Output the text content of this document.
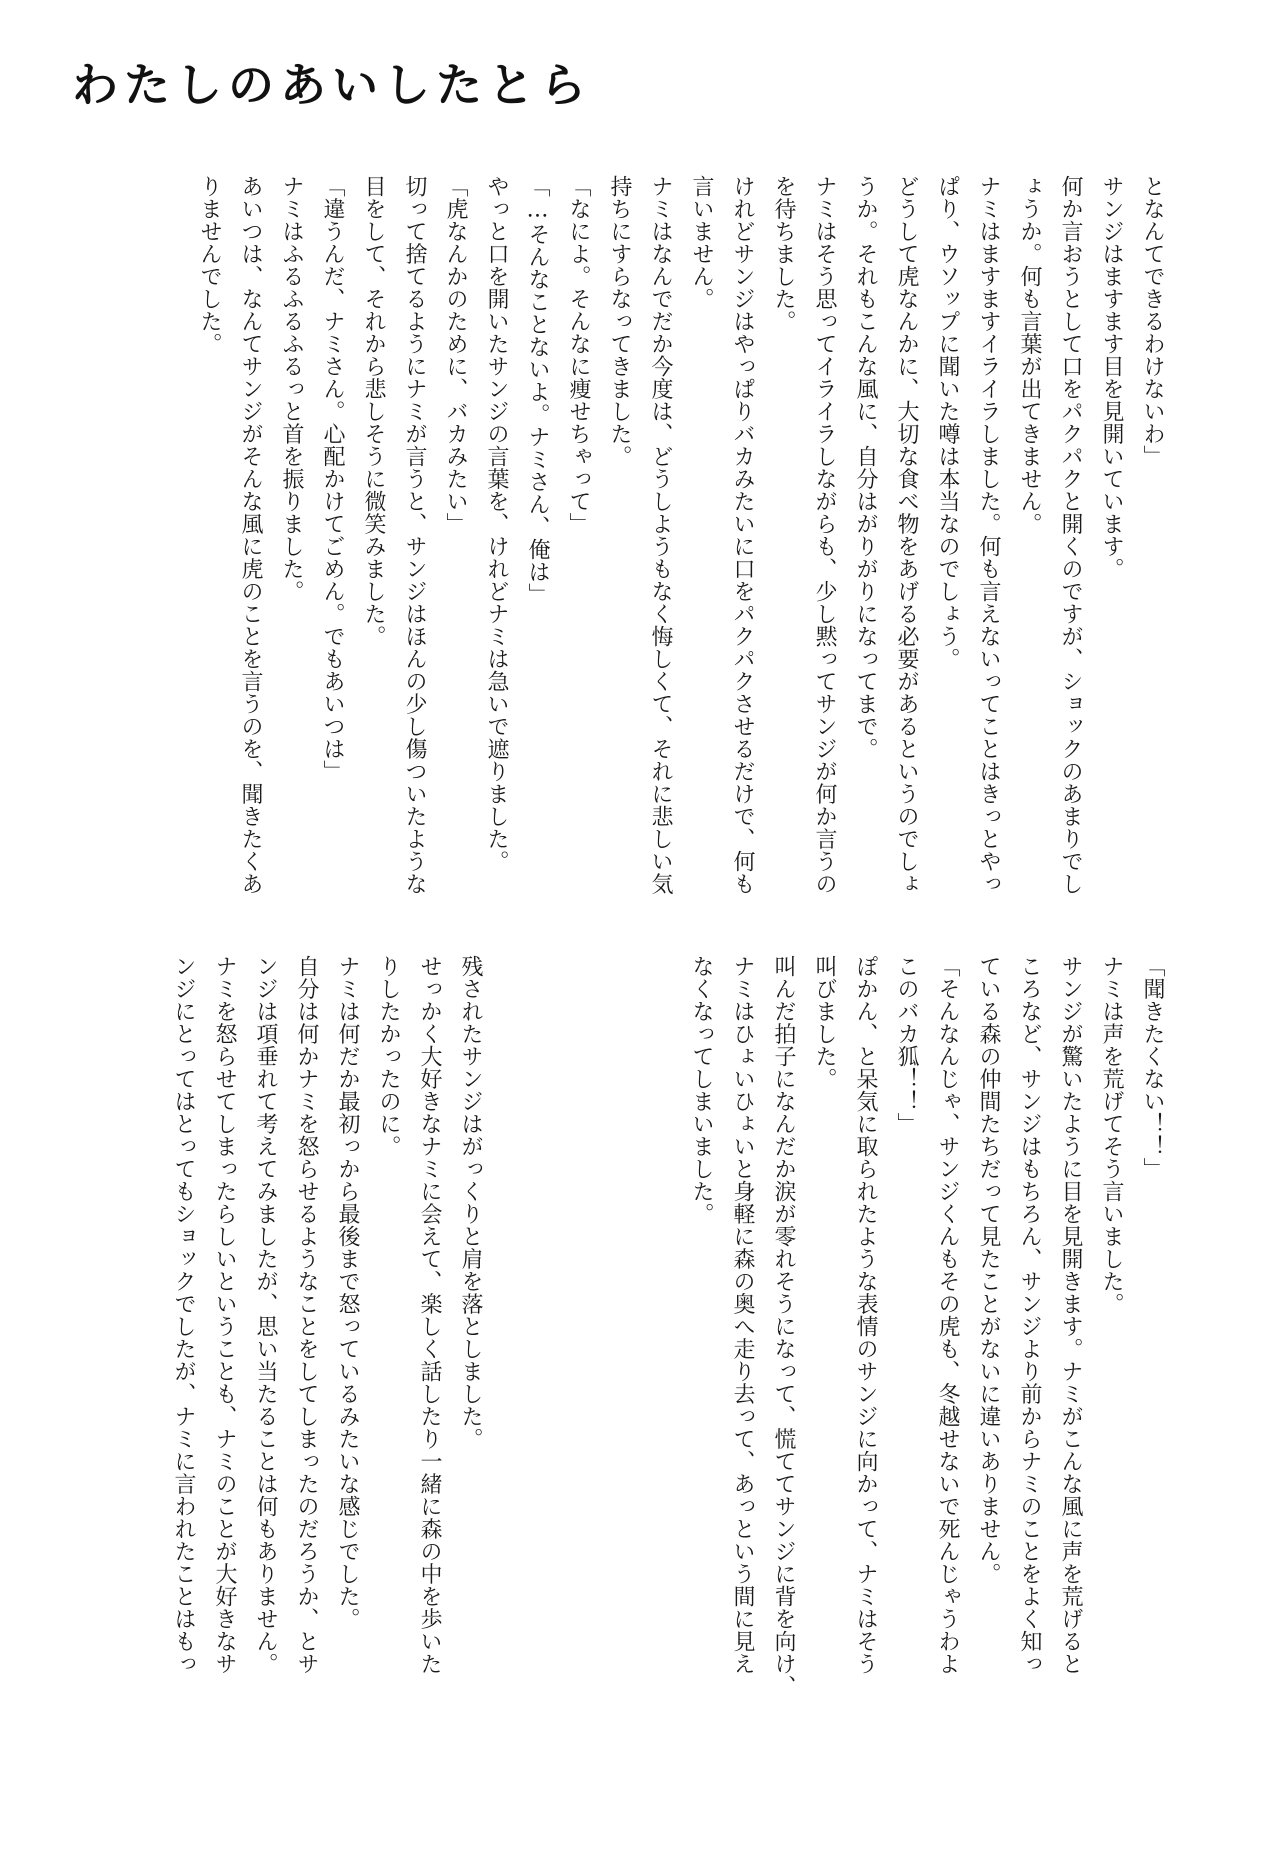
わたしのあいしたとら
となんてできるわけないわ」
サンジはますます目を見開いています。
何か言おうとして口をパクパクと開くのですが、ショックのあまりでし
ょうか。何も言葉が出てきません。
ナミはますますイライラしました。何も言えないってことはきっとやっ
ぱり、ウソップに聞いた噂は本当なのでしょう。
どうして虎なんかに、大切な食べ物をあげる必要があるというのでしょ
うか。それもこんな風に、自分はがりがりになってまで。
ナミはそう思ってイライラしながらも、少し黙ってサンジが何か言うの
を待ちました。
けれどサンジはやっぱりバカみたいに口をパクパクさせるだけで、何も
言いません。
ナミはなんでだか今度は、どうしようもなく悔しくて、それに悲しい気
持ちにすらなってきました。
「なによ。そんなに痩せちゃって」
「…そんなことないよ。ナミさん、俺は」
やっと口を開いたサンジの言葉を、けれどナミは急いで遮りました。
「虎なんかのために、バカみたい」
切って捨てるようにナミが言うと、サンジはほんの少し傷ついたような
目をして、それから悲しそうに微笑みました。
「違うんだ、ナミさん。心配かけてごめん。でもあいつは」
ナミはふるふるふるっと首を振りました。
あいつは、なんてサンジがそんな風に虎のことを言うのを、聞きたくあ
りませんでした。
「聞きたくない！！」
ナミは声を荒げてそう言いました。
サンジが驚いたように目を見開きます。ナミがこんな風に声を荒げると
ころなど、サンジはもちろん、サンジより前からナミのことをよく知っ
ている森の仲間たちだって見たことがないに違いありません。
「そんなんじゃ、サンジくんもその虎も、冬越せないで死んじゃうわよ
このバカ狐！！」
ぽかん、と呆気に取られたような表情のサンジに向かって、ナミはそう
叫びました。
叫んだ拍子になんだか涙が零れそうになって、慌ててサンジに背を向け、
ナミはひょいひょいと身軽に森の奥へ走り去って、あっという間に見え
なくなってしまいました。
残されたサンジはがっくりと肩を落としました。
せっかく大好きなナミに会えて、楽しく話したり一緒に森の中を歩いた
りしたかったのに。
ナミは何だか最初っから最後まで怒っているみたいな感じでした。
自分は何かナミを怒らせるようなことをしてしまったのだろうか、とサ
ンジは項垂れて考えてみましたが、思い当たることは何もありません。
ナミを怒らせてしまったらしいということも、ナミのことが大好きなサ
ンジにとってはとってもショックでしたが、ナミに言われたことはもっ
